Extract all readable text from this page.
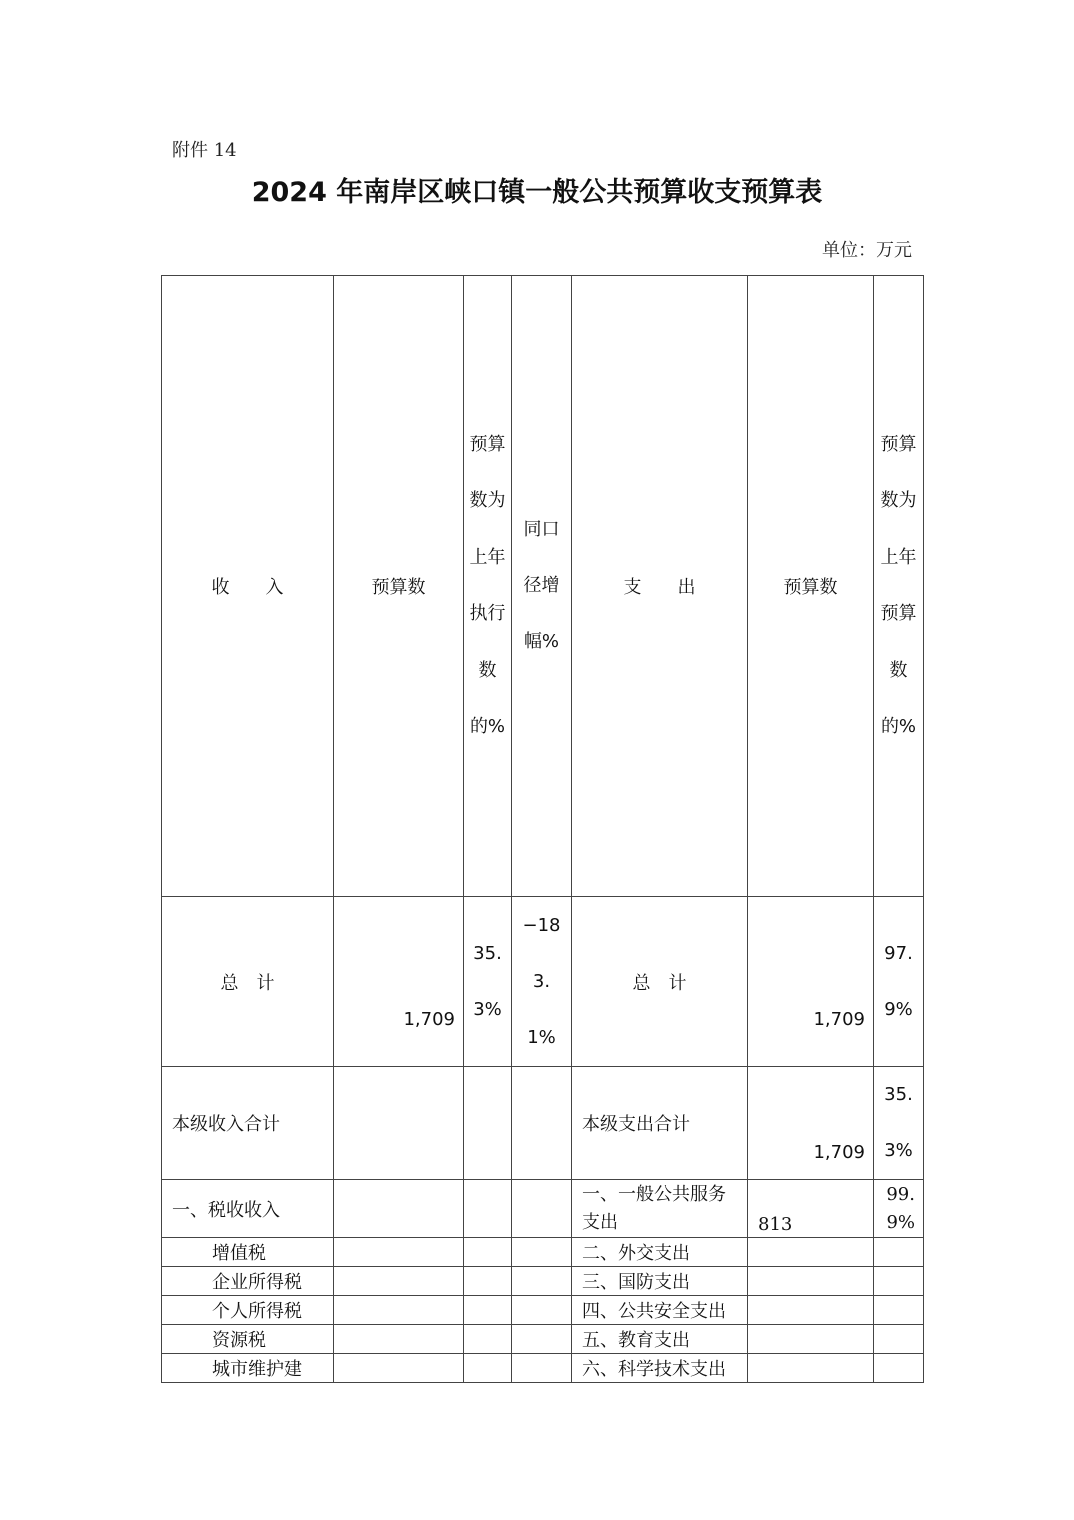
附件 14
2024 年南岸区峡口镇一般公共预算收支预算表
单位：万元
收　　入	预算数	预算数为上年执行数的%	同口径增幅%	支　　出	预算数	预算数为上年预算数的%

总　计	1,709	35.3%	−183.1%	总　计	1,709	97.9%

本级收入合计				本级支出合计	1,709	35.3%

一、税收收入				一、一般公共服务支出	813	99.9%
增值税				二、外交支出		
企业所得税				三、国防支出		
个人所得税				四、公共安全支出		
资源税				五、教育支出		
城市维护建				六、科学技术支出		
